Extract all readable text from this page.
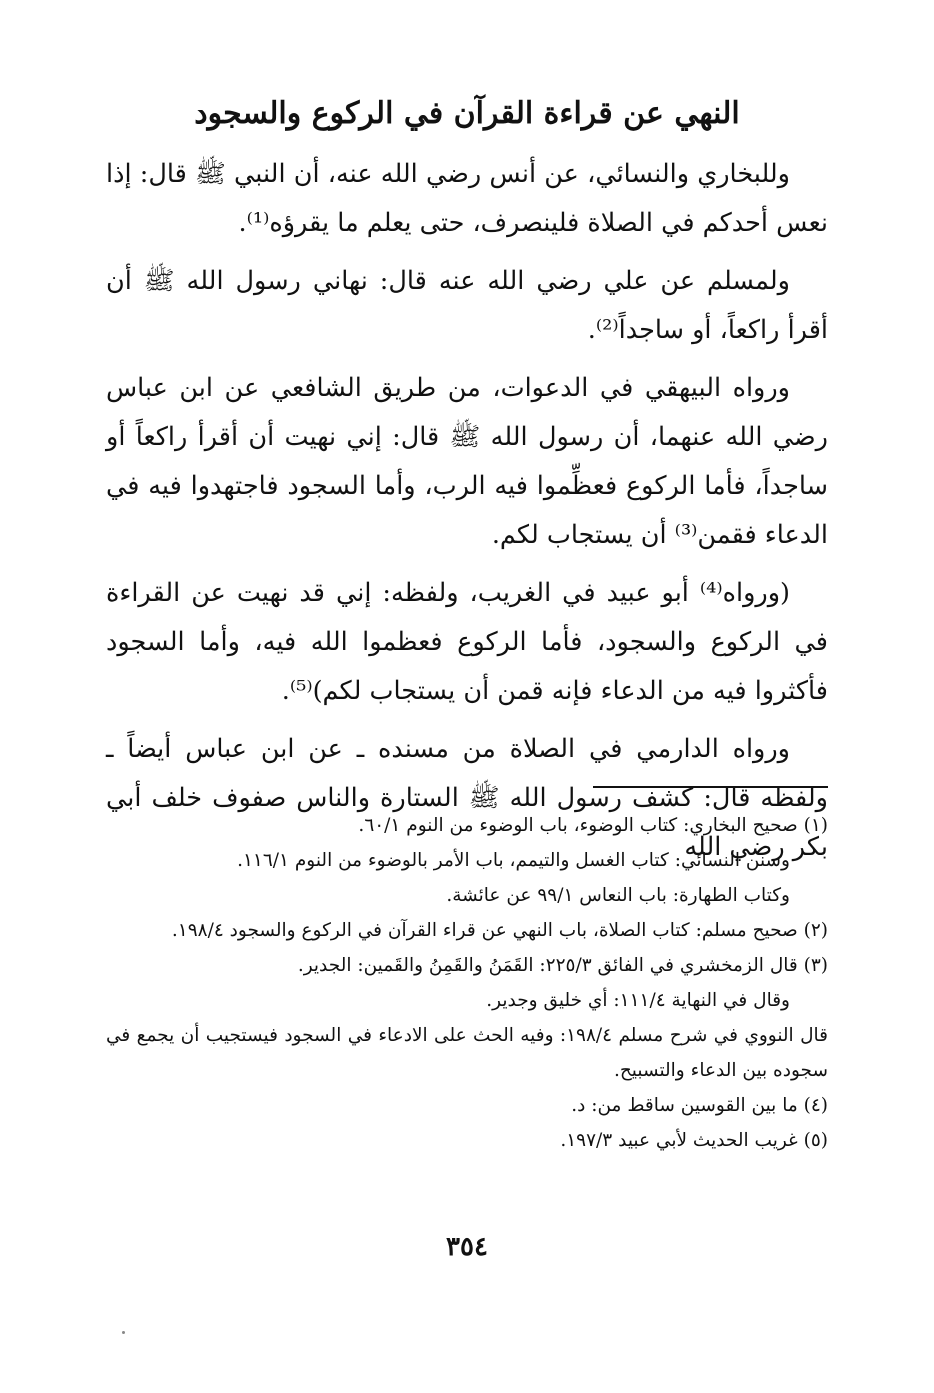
النهي عن قراءة القرآن في الركوع والسجود

وللبخاري والنسائي، عن أنس رضي الله عنه، أن النبي ﷺ قال: إذا نعس أحدكم في الصلاة فلينصرف، حتى يعلم ما يقرؤه⁽¹⁾.

ولمسلم عن علي رضي الله عنه قال: نهاني رسول الله ﷺ أن أقرأ راكعاً، أو ساجداً⁽²⁾.

ورواه البيهقي في الدعوات، من طريق الشافعي عن ابن عباس رضي الله عنهما، أن رسول الله ﷺ قال: إني نهيت أن أقرأ راكعاً أو ساجداً، فأما الركوع فعظِّموا فيه الرب، وأما السجود فاجتهدوا فيه في الدعاء فقمن⁽³⁾ أن يستجاب لكم.

(ورواه⁽⁴⁾ أبو عبيد في الغريب، ولفظه: إني قد نهيت عن القراءة في الركوع والسجود، فأما الركوع فعظموا الله فيه، وأما السجود فأكثروا فيه من الدعاء فإنه قمن أن يستجاب لكم)⁽⁵⁾.

ورواه الدارمي في الصلاة من مسنده ـ عن ابن عباس أيضاً ـ ولفظه قال: كشف رسول الله ﷺ الستارة والناس صفوف خلف أبي بكر رضي الله

(١) صحيح البخاري: كتاب الوضوء، باب الوضوء من النوم ٦٠/١.

وسنن النسائي: كتاب الغسل والتيمم، باب الأمر بالوضوء من النوم ١١٦/١.

وكتاب الطهارة: باب النعاس ٩٩/١ عن عائشة.

(٢) صحيح مسلم: كتاب الصلاة، باب النهي عن قراء القرآن في الركوع والسجود ١٩٨/٤.

(٣) قال الزمخشري في الفائق ٢٢٥/٣: القَمَنُ والقَمِنُ والقَمين: الجدير.

وقال في النهاية ١١١/٤: أي خليق وجدير.

قال النووي في شرح مسلم ١٩٨/٤: وفيه الحث على الادعاء في السجود فيستجيب أن يجمع في سجوده بين الدعاء والتسبيح.

(٤) ما بين القوسين ساقط من: د.

(٥) غريب الحديث لأبي عبيد ١٩٧/٣.

٣٥٤
